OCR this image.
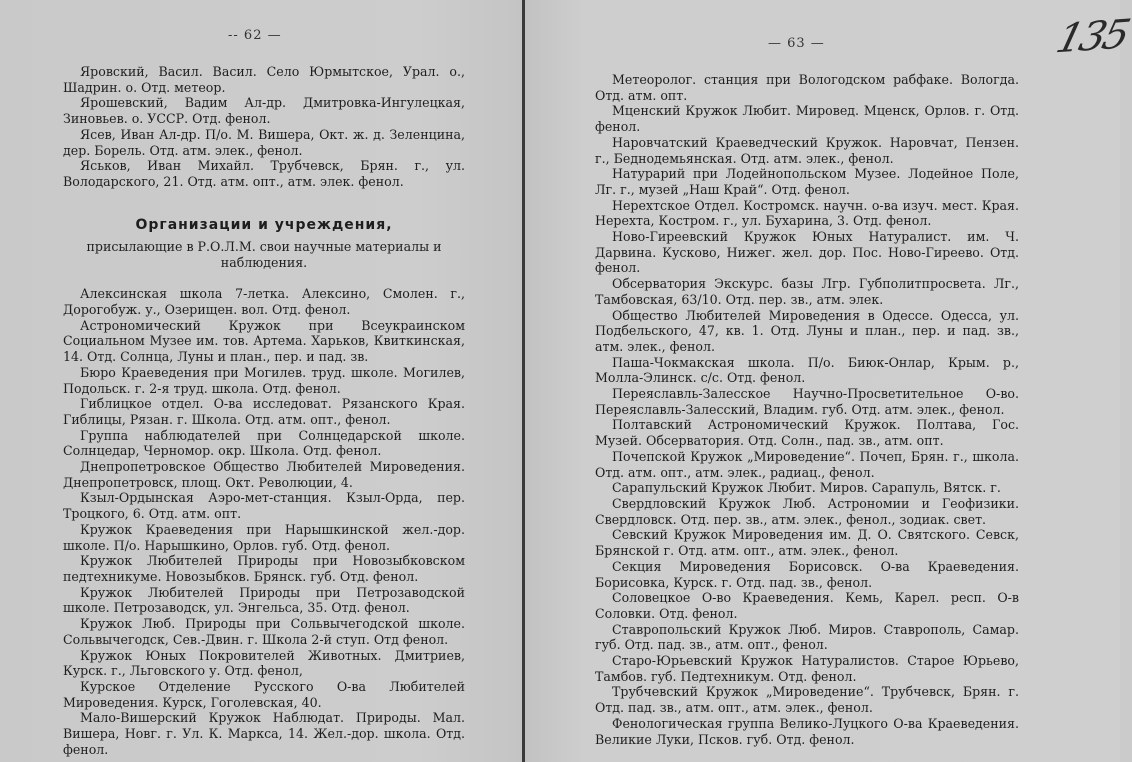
-- 62 —

Яровский, Васил. Васил. Село Юрмытское, Урал. о., Шадрин. о. Отд. метеор.

Ярошевский, Вадим Ал-др. Дмитровка-Ингулецкая, Зиновьев. о. УССР. Отд. фенол.

Ясев, Иван Ал-др. П/о. М. Вишера, Окт. ж. д. Зеленцина, дер. Борель. Отд. атм. элек., фенол.

Яськов, Иван Михайл. Трубчевск, Брян. г., ул. Володарского, 21. Отд. атм. опт., атм. элек. фенол.

Организации и учреждения,

присылающие в Р.О.Л.М. свои научные материалы и наблюдения.

Алексинская школа 7-летка. Алексино, Смолен. г., Дорогобуж. у., Озерищен. вол. Отд. фенол.

Астрономический Кружок при Всеукраинском Социальном Музее им. тов. Артема. Харьков, Квиткинская, 14. Отд. Солнца, Луны и план., пер. и пад. зв.

Бюро Краеведения при Могилев. труд. школе. Могилев, Подольск. г. 2-я труд. школа. Отд. фенол.

Гиблицкое отдел. О-ва исследоват. Рязанского Края. Гиблицы, Рязан. г. Школа. Отд. атм. опт., фенол.

Группа наблюдателей при Солнцедарской школе. Солнцедар, Черномор. окр. Школа. Отд. фенол.

Днепропетровское Общество Любителей Мироведения. Днепропетровск, площ. Окт. Революции, 4.

Кзыл-Ордынская Аэро-мет-станция. Кзыл-Орда, пер. Троцкого, 6. Отд. атм. опт.

Кружок Краеведения при Нарышкинской жел.-дор. школе. П/о. Нарышкино, Орлов. губ. Отд. фенол.

Кружок Любителей Природы при Новозыбковском педтехникуме. Новозыбков. Брянск. губ. Отд. фенол.

Кружок Любителей Природы при Петрозаводской школе. Петрозаводск, ул. Энгельса, 35. Отд. фенол.

Кружок Люб. Природы при Сольвычегодской школе. Сольвычегодск, Сев.-Двин. г. Школа 2-й ступ. Отд фенол.

Кружок Юных Покровителей Животных. Дмитриев, Курск. г., Льговского у. Отд. фенол,

Курское Отделение Русского О-ва Любителей Мироведения. Курск, Гоголевская, 40.

Мало-Вишерский Кружок Наблюдат. Природы. Мал. Вишера, Новг. г. Ул. К. Маркса, 14. Жел.-дор. школа. Отд. фенол.

— 63 —	135

Метеоролог. станция при Вологодском рабфаке. Вологда. Отд. атм. опт.

Мценский Кружок Любит. Мировед. Мценск, Орлов. г. Отд. фенол.

Наровчатский Краеведческий Кружок. Наровчат, Пензен. г., Беднодемьянская. Отд. атм. элек., фенол.

Натурарий при Лодейнопольском Музее. Лодейное Поле, Лг. г., музей „Наш Край“. Отд. фенол.

Нерехтское Отдел. Костромск. научн. о-ва изуч. мест. Края. Нерехта, Костром. г., ул. Бухарина, 3. Отд. фенол.

Ново-Гиреевский Кружок Юных Натуралист. им. Ч. Дарвина. Кусково, Нижег. жел. дор. Пос. Ново-Гиреево. Отд. фенол.

Обсерватория Экскурс. базы Лгр. Губполитпросвета. Лг., Тамбовская, 63/10. Отд. пер. зв., атм. элек.

Общество Любителей Мироведения в Одессе. Одесса, ул. Подбельского, 47, кв. 1. Отд. Луны и план., пер. и пад. зв., атм. элек., фенол.

Паша-Чокмакская школа. П/о. Биюк-Онлар, Крым. р., Молла-Элинск. с/с. Отд. фенол.

Переяславль-Залесское Научно-Просветительное О-во. Переяславль-Залесский, Владим. губ. Отд. атм. элек., фенол.

Полтавский Астрономический Кружок. Полтава, Гос. Музей. Обсерватория. Отд. Солн., пад. зв., атм. опт.

Почепской Кружок „Мироведение“. Почеп, Брян. г., школа. Отд. атм. опт., атм. элек., радиац., фенол.

Сарапульский Кружок Любит. Миров. Сарапуль, Вятск. г.

Свердловский Кружок Люб. Астрономии и Геофизики. Свердловск. Отд. пер. зв., атм. элек., фенол., зодиак. свет.

Севский Кружок Мироведения им. Д. О. Святского. Севск, Брянской г. Отд. атм. опт., атм. элек., фенол.

Секция Мироведения Борисовск. О-ва Краеведения. Борисовка, Курск. г. Отд. пад. зв., фенол.

Соловецкое О-во Краеведения. Кемь, Карел. респ. О-в Соловки. Отд. фенол.

Ставропольский Кружок Люб. Миров. Ставрополь, Самар. губ. Отд. пад. зв., атм. опт., фенол.

Старо-Юрьевский Кружок Натуралистов. Старое Юрьево, Тамбов. губ. Педтехникум. Отд. фенол.

Трубчевский Кружок „Мироведение“. Трубчевск, Брян. г. Отд. пад. зв., атм. опт., атм. элек., фенол.

Фенологическая группа Велико-Луцкого О-ва Краеведения. Великие Луки, Псков. губ. Отд. фенол.
